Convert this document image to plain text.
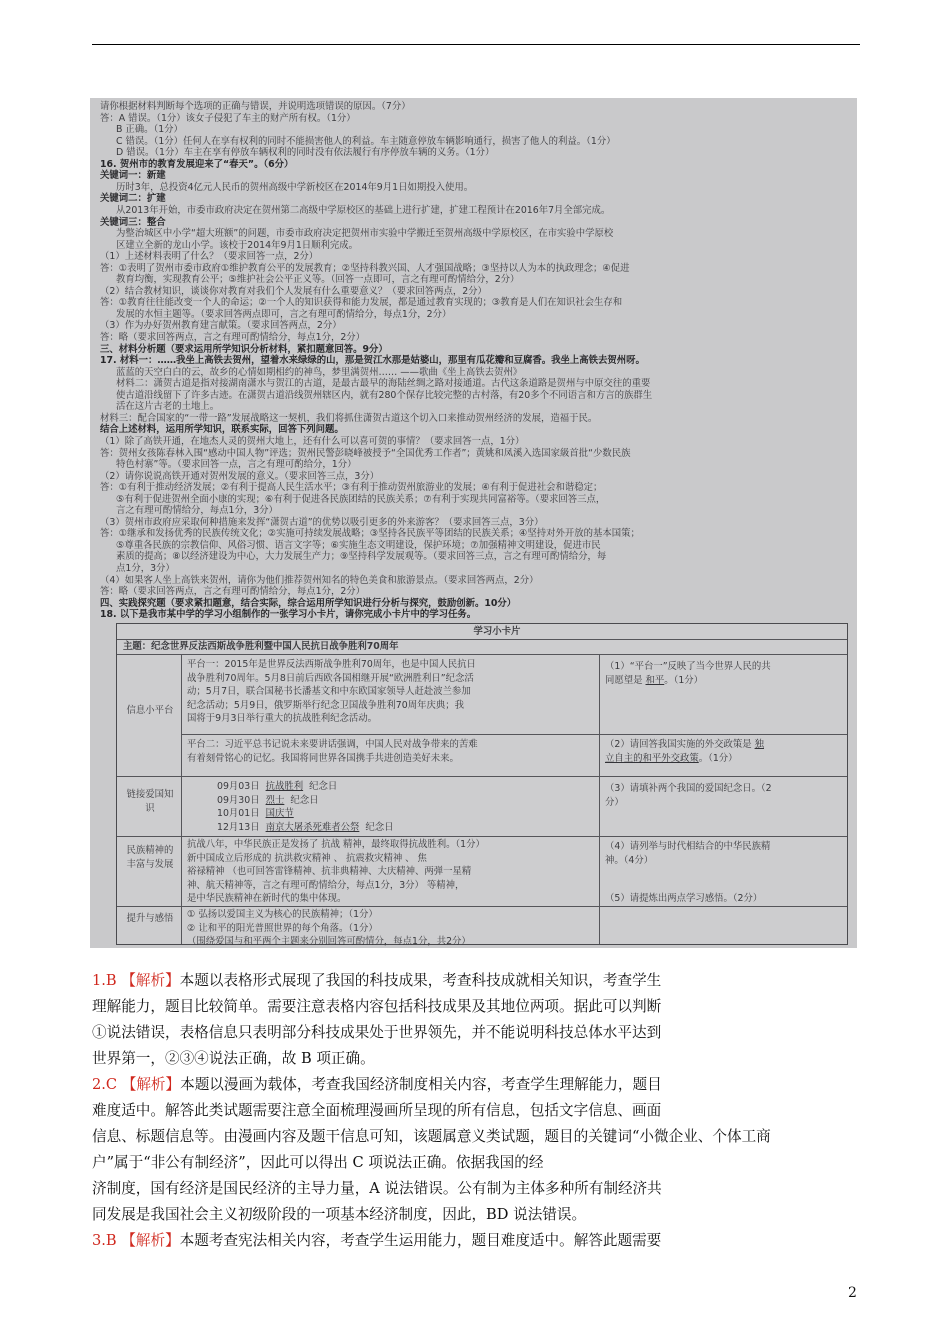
请你根据材料判断每个选项的正确与错误，并说明选项错误的原因。（7分）
答：A 错误。（1分）该女子侵犯了车主的财产所有权。（1分）
B 正确。（1分）
C 错误。（1分）任何人在享有权利的同时不能损害他人的利益。车主随意停放车辆影响通行，损害了他人的利益。（1分）
D 错误。（1分）车主在享有停放车辆权利的同时没有依法履行有序停放车辆的义务。（1分）
16. 贺州市的教育发展迎来了“春天”。（6分）
关键词一：新建
历时3年，总投资4亿元人民币的贺州高级中学新校区在2014年9月1日如期投入使用。
关键词二：扩建
从2013年开始，市委市政府决定在贺州第二高级中学原校区的基础上进行扩建，扩建工程预计在2016年7月全部完成。
关键词三：整合
为整治城区中小学“超大班额”的问题，市委市政府决定把贺州市实验中学搬迁至贺州高级中学原校区，在市实验中学原校
区建立全新的龙山小学。该校于2014年9月1日顺利完成。
（1）上述材料表明了什么？（要求回答一点，2分）
答：①表明了贺州市委市政府①维护教育公平的发展教育；②坚持科教兴国、人才强国战略；③坚持以人为本的执政理念；④促进
教育均衡，实现教育公平；⑤维护社会公平正义等。（回答一点即可，言之有理可酌情给分，2分）
（2）结合教材知识，谈谈你对教育对我们个人发展有什么重要意义？（要求回答两点，2分）
答：①教育往往能改变一个人的命运；②一个人的知识获得和能力发展，都是通过教育实现的；③教育是人们在知识社会生存和
发展的水恒主题等。（要求回答两点即可，言之有理可酌情给分，每点1分，2分）
（3）作为办好贺州教育建言献策。（要求回答两点，2分）
答：略（要求回答两点，言之有理可酌情给分，每点1分，2分）
三、材料分析题（要求运用所学知识分析材料，紧扣题意回答。9分）
17. 材料一：……我坐上高铁去贺州，望着水来绿绿的山，那是贺江水那是姑婆山，那里有瓜花瓣和豆腐香。我坐上高铁去贺州呀。
蓝蓝的天空白白的云，故乡的心情如期相约的神鸟，梦里满贺州…… ——歌曲《坐上高铁去贺州》
材料二：潇贺古道是指对接湖南潇水与贺江的古道，是最古最早的海陆丝绸之路对接通道。古代这条道路是贺州与中原交往的重要
使古道沿线留下了许多古迹。在潇贺古道沿线贺州辖区内，就有280个保存比较完整的古村落，有20多个不同语言和方言的族群生
活在这片古老的土地上。
材料三：配合国家的“一带一路”发展战略这一契机，我们将抓住潇贺古道这个切入口来推动贺州经济的发展，造福于民。
结合上述材料，运用所学知识，联系实际，回答下列问题。
（1）除了高铁开通，在地杰人灵的贺州大地上，还有什么可以喜可贺的事情？（要求回答一点，1分）
答：贺州女孩陈春林入围“感动中国人物”评选；贺州民警彭晓峰被授予“全国优秀工作者”；黄姚和凤溪入选国家級首批“少数民族
特色村寨”等。（要求回答一点，言之有理可酌给分，1分）
（2）请你说说高铁开通对贺州发展的意义。（要求回答三点，3分）
答：①有利于推动经济发展；②有利于提高人民生活水平；③有利于推动贺州旅游业的发展；④有利于促进社会和谐稳定；
⑤有利于促进贺州全面小康的实现；⑥有利于促进各民族团结的民族关系；⑦有利于实现共同富裕等。（要求回答三点，
言之有理可酌情给分，每点1分，3分）
（3）贺州市政府应采取何种措施来发挥“潇贺古道”的优势以吸引更多的外来游客？（要求回答三点，3分）
答：①继承和发扬优秀的民族传统文化；②实施可持续发展战略；③坚持各民族平等团结的民族关系；④坚持对外开放的基本国策；
⑤尊重各民族的宗教信仰、风俗习惯、语言文字等；⑥实施生态文明建设，保护环境；⑦加强精神文明建设，促进市民
素质的提高；⑧以经济建设为中心，大力发展生产力；⑨坚持科学发展观等。（要求回答三点，言之有理可酌情给分，每
点1分，3分）
（4）如果客人坐上高铁来贺州，请你为他们推荐贺州知名的特色美食和旅游景点。（要求回答两点，2分）
答：略（要求回答两点，言之有理可酌情给分，每点1分，2分）
四、实践探究题（要求紧扣题意，结合实际，综合运用所学知识进行分析与探究，鼓励创新。10分）
18. 以下是我市某中学的学习小组制作的一张学习小卡片，请你完成小卡片中的学习任务。
学习小卡片
主题：纪念世界反法西斯战争胜利暨中国人民抗日战争胜利70周年
信息小平台
平台一：2015年是世界反法西斯战争胜利70周年，也是中国人民抗日
战争胜利70周年。5月8日前后西欧各国相继开展“欧洲胜利日”纪念活
动；5月7日，联合国秘书长潘基文和中东欧国家领导人赶赴波兰参加
纪念活动；5月9日，俄罗斯举行纪念卫国战争胜利70周年庆典；我
国将于9月3日举行重大的抗战胜利纪念活动。
（1）“平台一”反映了当今世界人民的共
同愿望是 和平。（1分）
平台二：习近平总书记说未来要讲话强调，中国人民对战争带来的苦难
有着刻骨铭心的记忆。我国将同世界各国携手共进创造美好未来。
（2）请回答我国实施的外交政策是 独
立自主的和平外交政策。（1分）
链接爱国知识
09月03日 抗战胜利 纪念日
09月30日 烈士 纪念日
10月01日 国庆节
12月13日 南京大屠杀死难者公祭 纪念日
（3）请填补两个我国的爱国纪念日。（2
分）
民族精神的丰富与发展
抗战八年，中华民族正是发扬了 抗战 精神，最终取得抗战胜利。（1分）
新中国成立后形成的 抗洪救灾精神 、 抗震救灾精神 、 焦
裕禄精神 （也可回答雷锋精神、抗非典精神、大庆精神、两弹一星精
神、航天精神等，言之有理可酌情给分，每点1分，3分） 等精神，
是中华民族精神在新时代的集中体现。
（4）请列举与时代相结合的中华民族精
神。（4分）
提升与感悟	① 弘扬以爱国主义为核心的民族精神；（1分）
② 让和平的阳光普照世界的每个角落。（1分）
（围绕爱国与和平两个主题来分别回答可酌情分，每点1分，共2分）
（5）请提炼出两点学习感悟。（2分）
1.B 【解析】本题以表格形式展现了我国的科技成果，考查科技成就相关知识，考查学生
理解能力，题目比较简单。需要注意表格内容包括科技成果及其地位两项。据此可以判断
①说法错误，表格信息只表明部分科技成果处于世界领先，并不能说明科技总体水平达到
世界第一，②③④说法正确，故 B 项正确。
2.C 【解析】本题以漫画为载体，考查我国经济制度相关内容，考查学生理解能力，题目
难度适中。解答此类试题需要注意全面梳理漫画所呈现的所有信息，包括文字信息、画面
信息、标题信息等。由漫画内容及题干信息可知，该题属意义类试题，题目的关键词“小微企业、个体工商
户”属于“非公有制经济”，因此可以得出 C 项说法正确。依据我国的经
济制度，国有经济是国民经济的主导力量，A 说法错误。公有制为主体多种所有制经济共
同发展是我国社会主义初级阶段的一项基本经济制度，因此，BD 说法错误。
3.B 【解析】本题考查宪法相关内容，考查学生运用能力，题目难度适中。解答此题需要
2
